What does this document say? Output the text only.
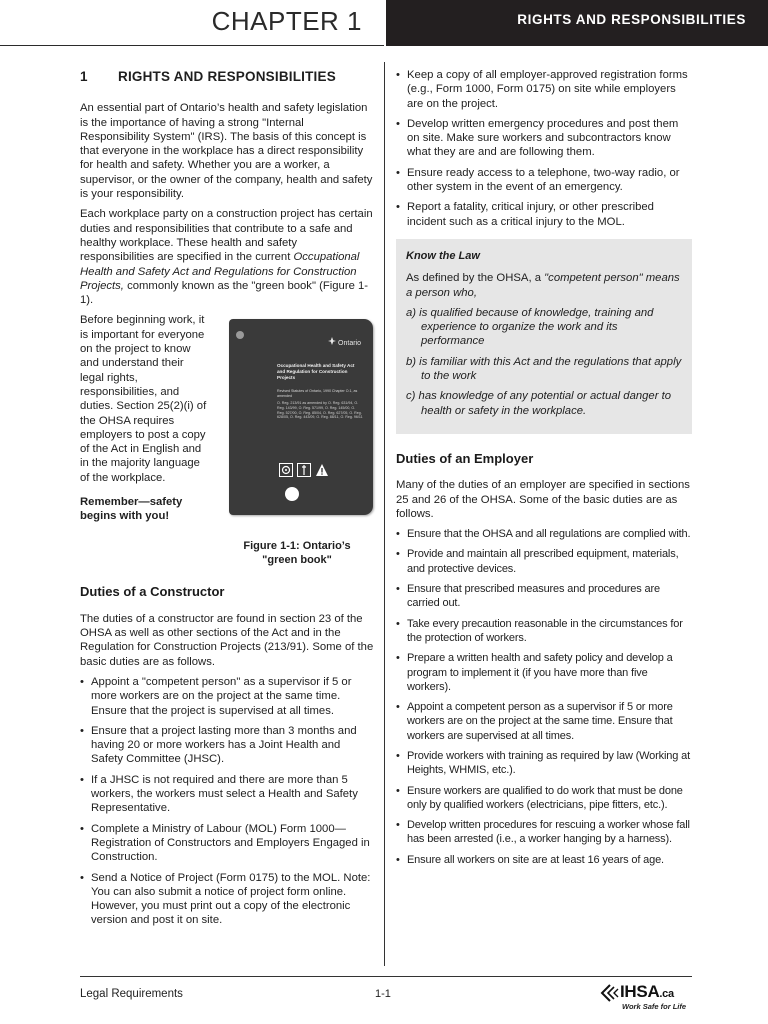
CHAPTER 1	RIGHTS AND RESPONSIBILITIES
1	RIGHTS AND RESPONSIBILITIES

An essential part of Ontario’s health and safety legislation is the importance of having a strong "Internal Responsibility System" (IRS). The basis of this concept is that everyone in the workplace has a direct responsibility for health and safety. Whether you are a worker, a supervisor, or the owner of the company, health and safety is your responsibility.

Each workplace party on a construction project has certain duties and responsibilities that contribute to a safe and healthy workplace. These health and safety responsibilities are specified in the current Occupational Health and Safety Act and Regulations for Construction Projects, commonly known as the "green book" (Figure 1-1).

Before beginning work, it is important for everyone on the project to know and understand their legal rights, responsibilities, and duties. Section 25(2)(i) of the OHSA requires employers to post a copy of the Act in English and in the majority language of the workplace.

Remember—safety begins with you!

Ontario
Occupational Health and Safety Act and Regulation for Construction Projects
Revised Statutes of Ontario, 1990 Chapter O.1, as amended
O. Reg. 213/91 as amended by O. Reg. 631/94, O. Reg. 143/99, O. Reg. 571/99, O. Reg. 145/00, O. Reg. 527/00, O. Reg. 85/04, O. Reg. 627/05, O. Reg. 628/05, O. Reg. 443/09, O. Reg. 88/11, O. Reg. 96/11
Figure 1-1: Ontario’s
"green book"
Duties of a Constructor

The duties of a constructor are found in section 23 of the OHSA as well as other sections of the Act and in the Regulation for Construction Projects (213/91). Some of the basic duties are as follows.

• Appoint a "competent person" as a supervisor if 5 or more workers are on the project at the same time. Ensure that the project is supervised at all times.
• Ensure that a project lasting more than 3 months and having 20 or more workers has a Joint Health and Safety Committee (JHSC).
• If a JHSC is not required and there are more than 5 workers, the workers must select a Health and Safety Representative.
• Complete a Ministry of Labour (MOL) Form 1000—Registration of Constructors and Employers Engaged in Construction.
• Send a Notice of Project (Form 0175) to the MOL. Note: You can also submit a notice of project form online. However, you must print out a copy of the electronic version and post it on site.
• Keep a copy of all employer-approved registration forms (e.g., Form 1000, Form 0175) on site while employers are on the project.
• Develop written emergency procedures and post them on site. Make sure workers and subcontractors know what they are and are following them.
• Ensure ready access to a telephone, two-way radio, or other system in the event of an emergency.
• Report a fatality, critical injury, or other prescribed incident such as a critical injury to the MOL.
Know the Law

As defined by the OHSA, a "competent person" means a person who,

a) is qualified because of knowledge, training and experience to organize the work and its performance
b) is familiar with this Act and the regulations that apply to the work
c) has knowledge of any potential or actual danger to health or safety in the workplace.
Duties of an Employer

Many of the duties of an employer are specified in sections 25 and 26 of the OHSA. Some of the basic duties are as follows.

• Ensure that the OHSA and all regulations are complied with.
• Provide and maintain all prescribed equipment, materials, and protective devices.
• Ensure that prescribed measures and procedures are carried out.
• Take every precaution reasonable in the circumstances for the protection of workers.
• Prepare a written health and safety policy and develop a program to implement it (if you have more than five workers).
• Appoint a competent person as a supervisor if 5 or more workers are on the project at the same time. Ensure that workers are supervised at all times.
• Provide workers with training as required by law (Working at Heights, WHMIS, etc.).
• Ensure workers are qualified to do work that must be done only by qualified workers (electricians, pipe fitters, etc.).
• Develop written procedures for rescuing a worker whose fall has been arrested (i.e., a worker hanging by a harness).
• Ensure all workers on site are at least 16 years of age.
Legal Requirements	1-1	IHSA.ca
Work Safe for Life
